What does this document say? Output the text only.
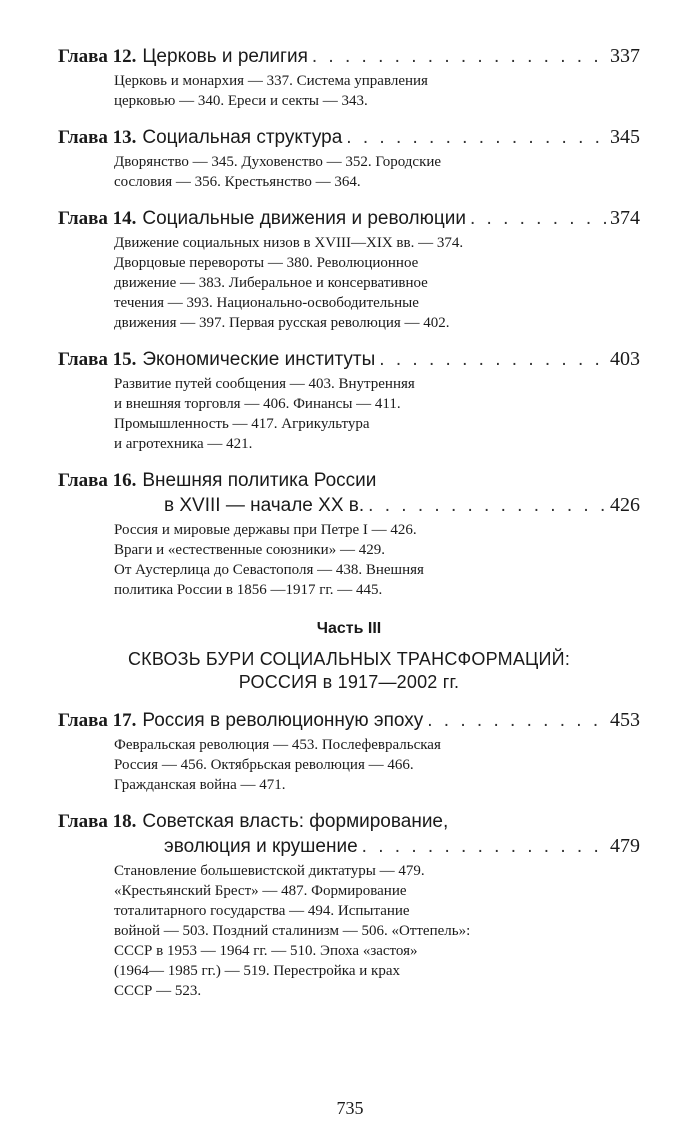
Глава 12. Церковь и религия . . .	337
Церковь и монархия — 337. Система управления
церковью — 340. Ереси и секты — 343.
Глава 13. Социальная структура . . .	345
Дворянство — 345. Духовенство — 352. Городские
сословия — 356. Крестьянство — 364.
Глава 14. Социальные движения и революции . . .	374
Движение социальных низов в XVIII—XIX вв. — 374.
Дворцовые перевороты — 380. Революционное
движение — 383. Либеральное и консервативное
течения — 393. Национально-освободительные
движения — 397. Первая русская революция — 402.
Глава 15. Экономические институты . . .	403
Развитие путей сообщения — 403. Внутренняя
и внешняя торговля — 406. Финансы — 411.
Промышленность — 417. Агрикультура
и агротехника — 421.
Глава 16. Внешняя политика России
в XVIII — начале XX в. . . .	426
Россия и мировые державы при Петре I — 426.
Враги и «естественные союзники» — 429.
От Аустерлица до Севастополя — 438. Внешняя
политика России в 1856 —1917 гг. — 445.
Часть III
СКВОЗЬ БУРИ СОЦИАЛЬНЫХ ТРАНСФОРМАЦИЙ:
РОССИЯ в 1917—2002 гг.
Глава 17. Россия в революционную эпоху . . .	453
Февральская революция — 453. Послефевральская
Россия — 456. Октябрьская революция — 466.
Гражданская война — 471.
Глава 18. Советская власть: формирование,
эволюция и крушение . . .	479
Становление большевистской диктатуры — 479.
«Крестьянский Брест» — 487. Формирование
тоталитарного государства — 494. Испытание
войной — 503. Поздний сталинизм — 506. «Оттепель»:
СССР в 1953 — 1964 гг. — 510. Эпоха «застоя»
(1964— 1985 гг.) — 519. Перестройка и крах
СССР — 523.
735
